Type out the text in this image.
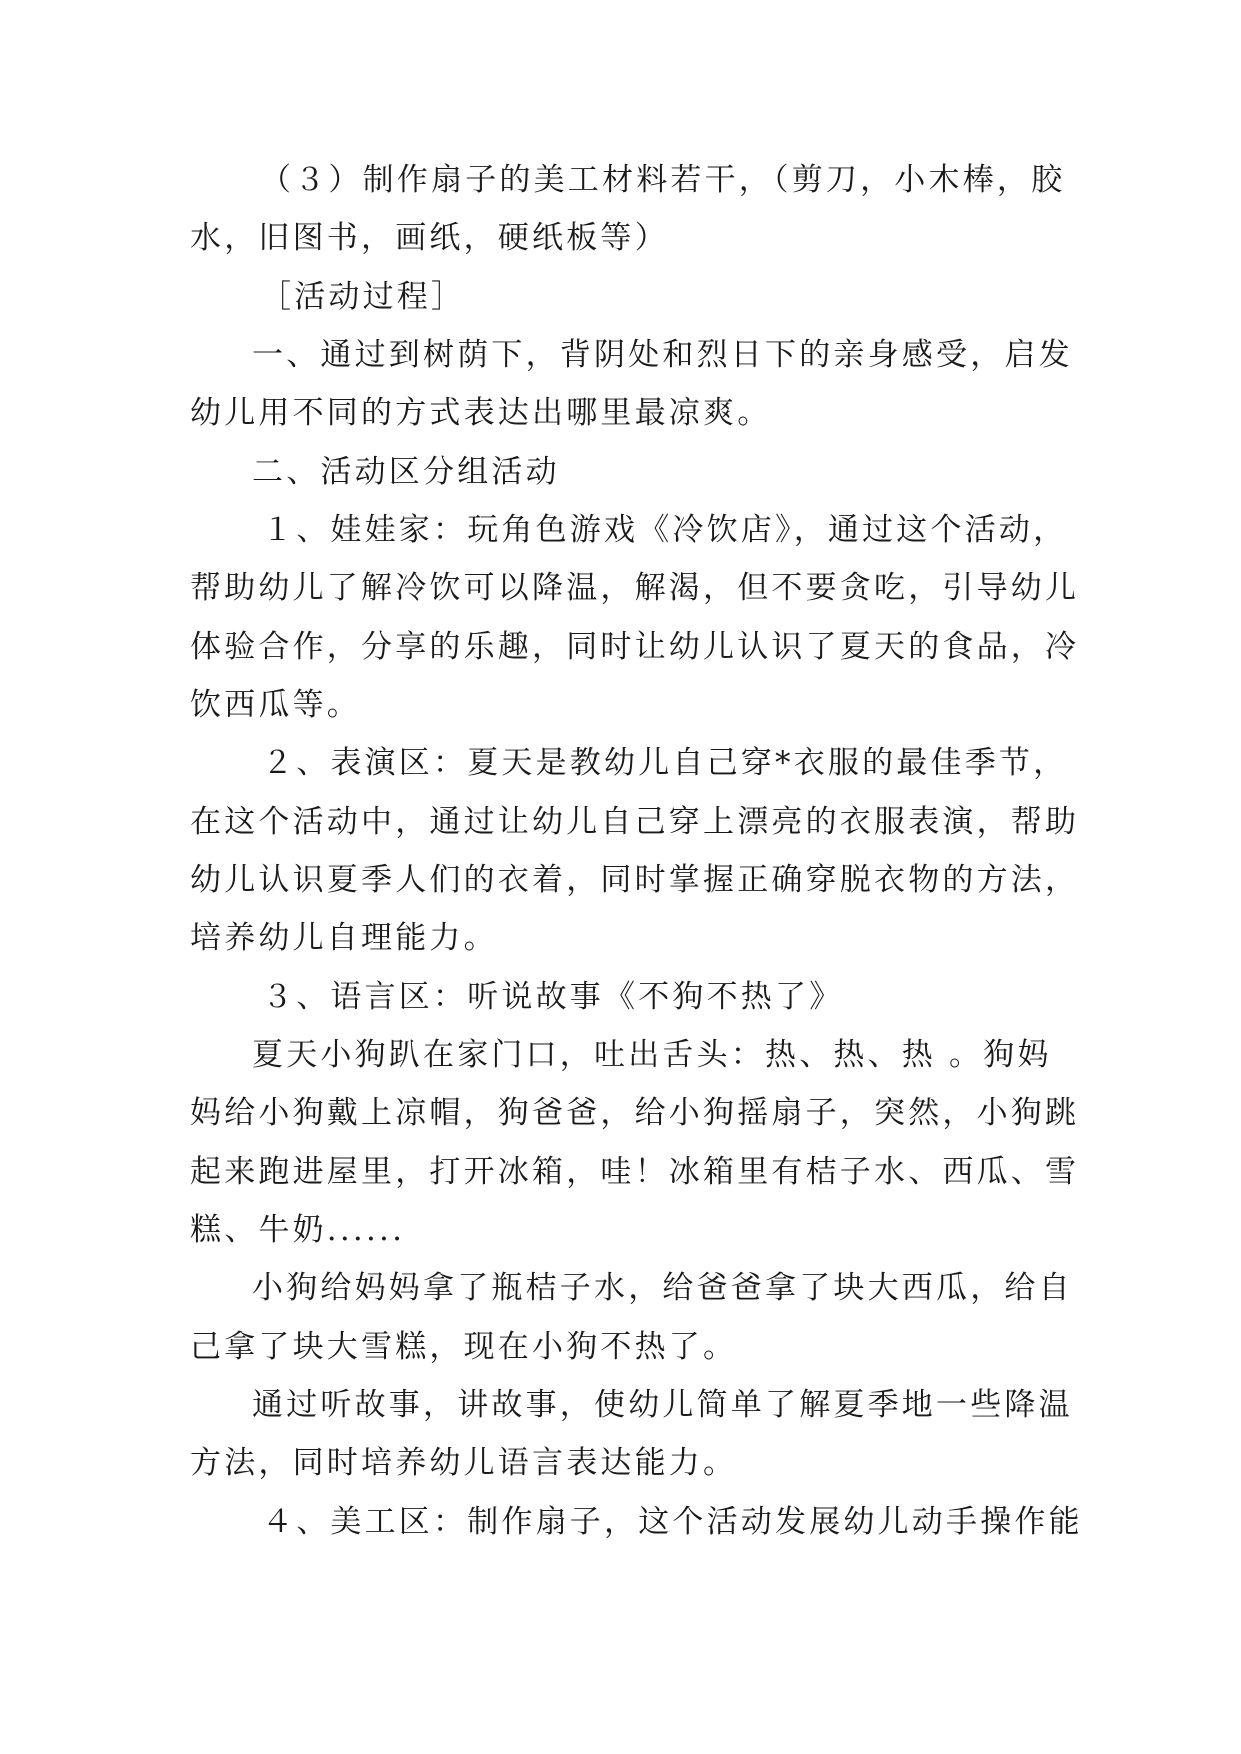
（３）制作扇子的美工材料若干，（剪刀，小木棒，胶
水，旧图书，画纸，硬纸板等）
［活动过程］
一、通过到树荫下，背阴处和烈日下的亲身感受，启发
幼儿用不同的方式表达出哪里最凉爽。
二、活动区分组活动
１、娃娃家：玩角色游戏《冷饮店》，通过这个活动，
帮助幼儿了解冷饮可以降温，解渴，但不要贪吃，引导幼儿
体验合作，分享的乐趣，同时让幼儿认识了夏天的食品，冷
饮西瓜等。
２、表演区：夏天是教幼儿自己穿*衣服的最佳季节，
在这个活动中，通过让幼儿自己穿上漂亮的衣服表演，帮助
幼儿认识夏季人们的衣着，同时掌握正确穿脱衣物的方法，
培养幼儿自理能力。
３、语言区：听说故事《不狗不热了》
夏天小狗趴在家门口，吐出舌头：热、热、热 。狗妈
妈给小狗戴上凉帽，狗爸爸，给小狗摇扇子，突然，小狗跳
起来跑进屋里，打开冰箱，哇！冰箱里有桔子水、西瓜、雪
糕、牛奶......
小狗给妈妈拿了瓶桔子水，给爸爸拿了块大西瓜，给自
己拿了块大雪糕，现在小狗不热了。
通过听故事，讲故事，使幼儿简单了解夏季地一些降温
方法，同时培养幼儿语言表达能力。
４、美工区：制作扇子，这个活动发展幼儿动手操作能
